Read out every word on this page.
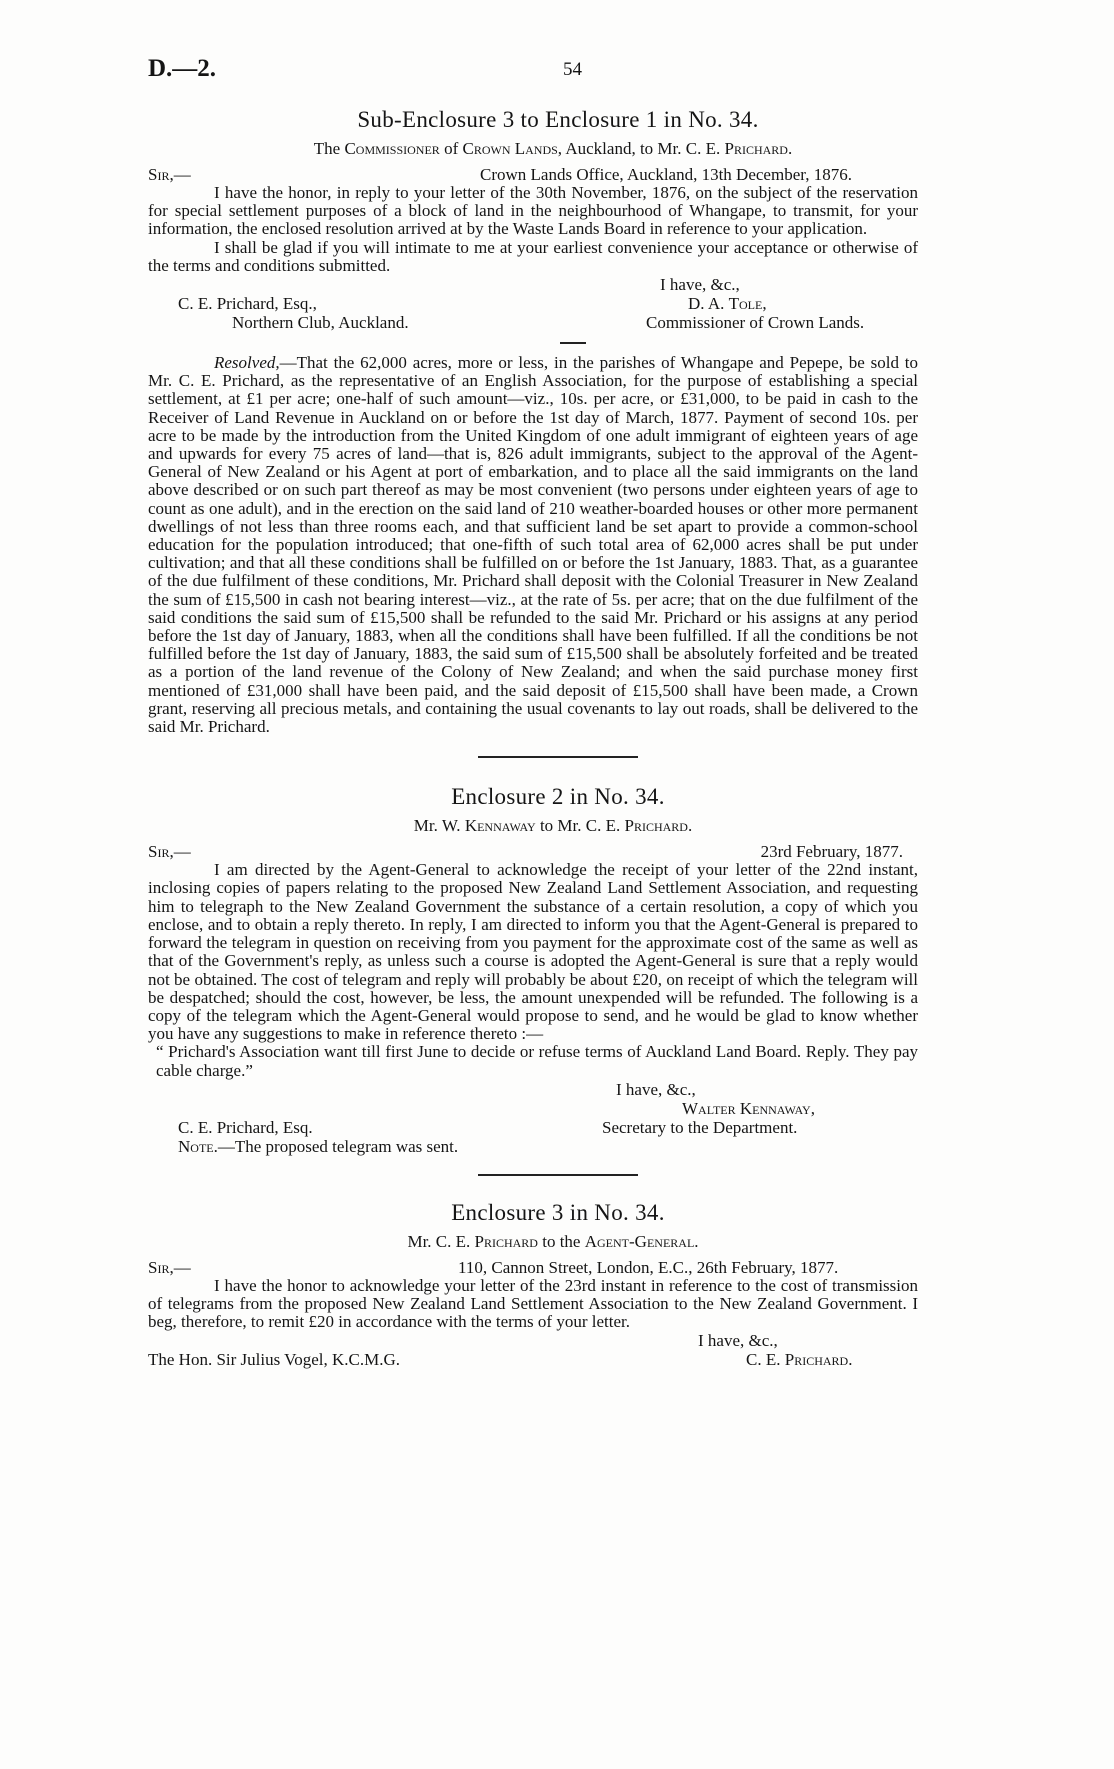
D.—2.	54
Sub-Enclosure 3 to Enclosure 1 in No. 34.
The Commissioner of Crown Lands, Auckland, to Mr. C. E. Prichard.
Sir,—	Crown Lands Office, Auckland, 13th December, 1876.

I have the honor, in reply to your letter of the 30th November, 1876, on the subject of the reservation for special settlement purposes of a block of land in the neighbourhood of Whangape, to transmit, for your information, the enclosed resolution arrived at by the Waste Lands Board in reference to your application.

I shall be glad if you will intimate to me at your earliest convenience your acceptance or otherwise of the terms and conditions submitted.

I have, &c.,
C. E. Prichard, Esq.,	D. A. Tole,
Northern Club, Auckland.	Commissioner of Crown Lands.

Resolved,—That the 62,000 acres, more or less, in the parishes of Whangape and Pepepe, be sold to Mr. C. E. Prichard, as the representative of an English Association, for the purpose of establishing a special settlement, at £1 per acre; one-half of such amount—viz., 10s. per acre, or £31,000, to be paid in cash to the Receiver of Land Revenue in Auckland on or before the 1st day of March, 1877. Payment of second 10s. per acre to be made by the introduction from the United Kingdom of one adult immigrant of eighteen years of age and upwards for every 75 acres of land—that is, 826 adult immigrants, subject to the approval of the Agent-General of New Zealand or his Agent at port of embarkation, and to place all the said immigrants on the land above described or on such part thereof as may be most convenient (two persons under eighteen years of age to count as one adult), and in the erection on the said land of 210 weather-boarded houses or other more permanent dwellings of not less than three rooms each, and that sufficient land be set apart to provide a common-school education for the population introduced; that one-fifth of such total area of 62,000 acres shall be put under cultivation; and that all these conditions shall be fulfilled on or before the 1st January, 1883. That, as a guarantee of the due fulfilment of these conditions, Mr. Prichard shall deposit with the Colonial Treasurer in New Zealand the sum of £15,500 in cash not bearing interest—viz., at the rate of 5s. per acre; that on the due fulfilment of the said conditions the said sum of £15,500 shall be refunded to the said Mr. Prichard or his assigns at any period before the 1st day of January, 1883, when all the conditions shall have been fulfilled. If all the conditions be not fulfilled before the 1st day of January, 1883, the said sum of £15,500 shall be absolutely forfeited and be treated as a portion of the land revenue of the Colony of New Zealand; and when the said purchase money first mentioned of £31,000 shall have been paid, and the said deposit of £15,500 shall have been made, a Crown grant, reserving all precious metals, and containing the usual covenants to lay out roads, shall be delivered to the said Mr. Prichard.

Enclosure 2 in No. 34.
Mr. W. Kennaway to Mr. C. E. Prichard.
Sir,—	23rd February, 1877.

I am directed by the Agent-General to acknowledge the receipt of your letter of the 22nd instant, inclosing copies of papers relating to the proposed New Zealand Land Settlement Association, and requesting him to telegraph to the New Zealand Government the substance of a certain resolution, a copy of which you enclose, and to obtain a reply thereto. In reply, I am directed to inform you that the Agent-General is prepared to forward the telegram in question on receiving from you payment for the approximate cost of the same as well as that of the Government's reply, as unless such a course is adopted the Agent-General is sure that a reply would not be obtained. The cost of telegram and reply will probably be about £20, on receipt of which the telegram will be despatched; should the cost, however, be less, the amount unexpended will be refunded. The following is a copy of the telegram which the Agent-General would propose to send, and he would be glad to know whether you have any suggestions to make in reference thereto :—

“ Prichard's Association want till first June to decide or refuse terms of Auckland Land Board. Reply. They pay cable charge.”

I have, &c.,
Walter Kennaway,
C. E. Prichard, Esq.	Secretary to the Department.
Note.—The proposed telegram was sent.
Enclosure 3 in No. 34.
Mr. C. E. Prichard to the Agent-General.
Sir,—	110, Cannon Street, London, E.C., 26th February, 1877.

I have the honor to acknowledge your letter of the 23rd instant in reference to the cost of transmission of telegrams from the proposed New Zealand Land Settlement Association to the New Zealand Government. I beg, therefore, to remit £20 in accordance with the terms of your letter.

I have, &c.,
The Hon. Sir Julius Vogel, K.C.M.G.	C. E. Prichard.
